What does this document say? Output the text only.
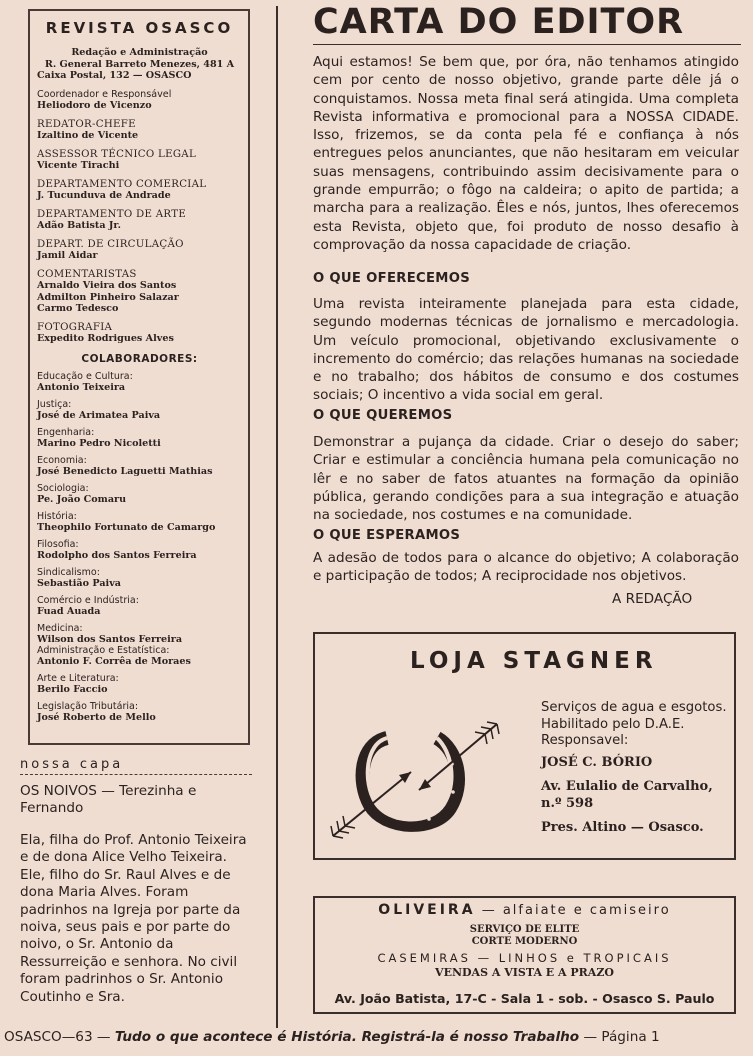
REVISTA OSASCO
Redação e Administração
R. General Barreto Menezes, 481 A
Caixa Postal, 132 — OSASCO
Coordenador e Responsável
Heliodoro de Vicenzo
REDATOR-CHEFE
Izaltino de Vicente
ASSESSOR TÉCNICO LEGAL
Vicente Tirachi
DEPARTAMENTO COMERCIAL
J. Tucunduva de Andrade
DEPARTAMENTO DE ARTE
Adão Batista Jr.
DEPART. DE CIRCULAÇÃO
Jamil Aidar
COMENTARISTAS
Arnaldo Vieira dos Santos
Admilton Pinheiro Salazar
Carmo Tedesco
FOTOGRAFIA
Expedito Rodrigues Alves
COLABORADORES:
Educação e Cultura:
Antonio Teixeira
Justiça:
José de Arimatea Paiva
Engenharia:
Marino Pedro Nicoletti
Economia:
José Benedicto Laguetti Mathias
Sociologia:
Pe. João Comaru
História:
Theophilo Fortunato de Camargo
Filosofia:
Rodolpho dos Santos Ferreira
Sindicalismo:
Sebastião Paiva
Comércio e Indústria:
Fuad Auada
Medicina:
Wilson dos Santos Ferreira
Administração e Estatística:
Antonio F. Corrêa de Moraes
Arte e Literatura:
Berilo Faccio
Legislação Tributária:
José Roberto de Mello
nossa capa
OS NOIVOS — Terezinha e Fernando
Ela, filha do Prof. Antonio Teixeira e de dona Alice Velho Teixeira. Ele, filho do Sr. Raul Alves e de dona Maria Alves. Foram padrinhos na Igreja por parte da noiva, seus pais e por parte do noivo, o Sr. Antonio da Ressurreição e senhora. No civil foram padrinhos o Sr. Antonio Coutinho e Sra.
CARTA DO EDITOR
Aqui estamos! Se bem que, por óra, não tenhamos atingido cem por cento de nosso objetivo, grande parte dêle já o conquistamos. Nossa meta final será atingida. Uma completa Revista informativa e promocional para a NOSSA CIDADE. Isso, frizemos, se da conta pela fé e confiança à nós entregues pelos anunciantes, que não hesitaram em veicular suas mensagens, contribuindo assim decisivamente para o grande empurrão; o fôgo na caldeira; o apito de partida; a marcha para a realização. Êles e nós, juntos, lhes oferecemos esta Revista, objeto que, foi produto de nosso desafio à comprovação da nossa capacidade de criação.
O QUE OFERECEMOS
Uma revista inteiramente planejada para esta cidade, segundo modernas técnicas de jornalismo e mercadologia. Um veículo promocional, objetivando exclusivamente o incremento do comércio; das relações humanas na sociedade e no trabalho; dos hábitos de consumo e dos costumes sociais; O incentivo a vida social em geral.
O QUE QUEREMOS
Demonstrar a pujança da cidade. Criar o desejo do saber; Criar e estimular a conciência humana pela comunicação no lêr e no saber de fatos atuantes na formação da opinião pública, gerando condições para a sua integração e atuação na sociedade, nos costumes e na comunidade.
O QUE ESPERAMOS
A adesão de todos para o alcance do objetivo; A colaboração e participação de todos; A reciprocidade nos objetivos.
A REDAÇÃO
LOJA STAGNER
Serviços de agua e esgotos.
Habilitado pelo D.A.E.
Responsavel:
JOSÉ C. BÓRIO
Av. Eulalio de Carvalho, n.º 598
Pres. Altino — Osasco.
OLIVEIRA — alfaiate e camiseiro
SERVIÇO DE ELITE
CORTE MODERNO
CASEMIRAS — LINHOS e TROPICAIS
VENDAS A VISTA E A PRAZO
Av. João Batista, 17-C - Sala 1 - sob. - Osasco S. Paulo
OSASCO—63 — Tudo o que acontece é História. Registrá-la é nosso Trabalho — Página 1
